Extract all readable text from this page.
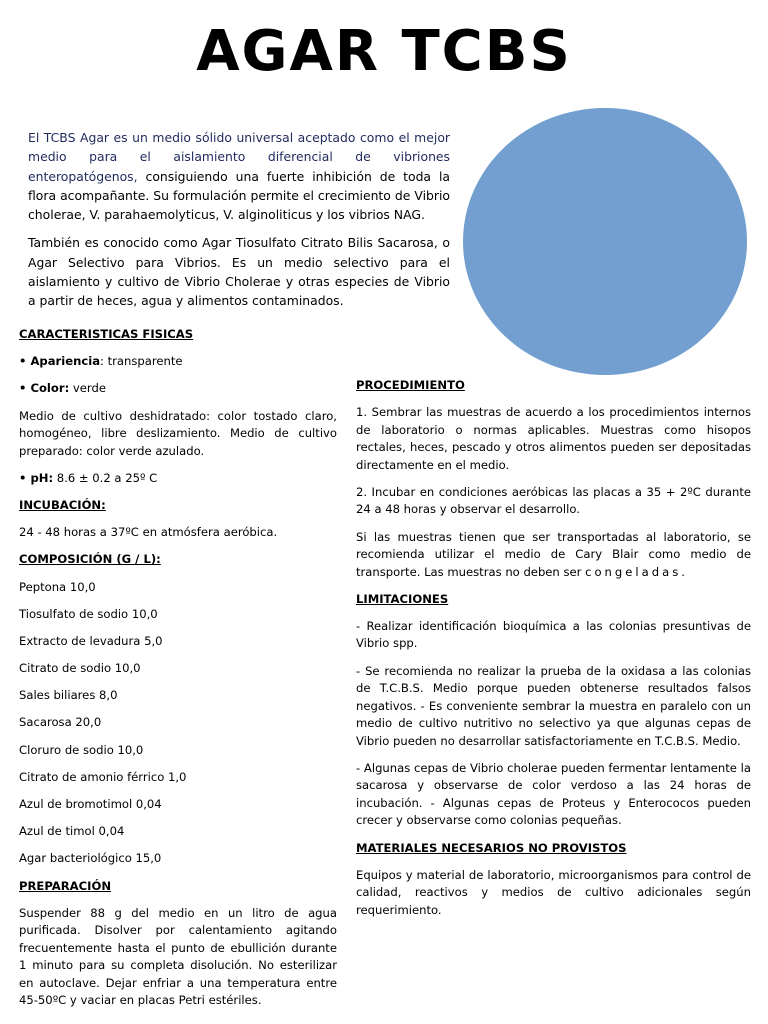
AGAR TCBS

El TCBS Agar es un medio sólido universal aceptado como el mejor medio para el aislamiento diferencial de vibriones enteropatógenos, consiguiendo una fuerte inhibición de toda la flora acompañante. Su formulación permite el crecimiento de Vibrio cholerae, V. parahaemolyticus, V. alginoliticus y los vibrios NAG.

También es conocido como Agar Tiosulfato Citrato Bilis Sacarosa, o Agar Selectivo para Vibrios. Es un medio selectivo para el aislamiento y cultivo de Vibrio Cholerae y otras especies de Vibrio a partir de heces, agua y alimentos contaminados.

CARACTERISTICAS FISICAS

• Apariencia: transparente

• Color: verde

Medio de cultivo deshidratado: color tostado claro, homogéneo, libre deslizamiento. Medio de cultivo preparado: color verde azulado.

• pH: 8.6 ± 0.2 a 25º C

INCUBACIÓN:

24 - 48 horas a 37ºC en atmósfera aeróbica.

COMPOSICIÓN (G / L):

Peptona 10,0

Tiosulfato de sodio 10,0

Extracto de levadura 5,0

Citrato de sodio 10,0

Sales biliares 8,0

Sacarosa 20,0

Cloruro de sodio 10,0

Citrato de amonio férrico 1,0

Azul de bromotimol 0,04

Azul de timol 0,04

Agar bacteriológico 15,0

PREPARACIÓN

Suspender 88 g del medio en un litro de agua purificada. Disolver por calentamiento agitando frecuentemente hasta el punto de ebullición durante 1 minuto para su completa disolución. No esterilizar en autoclave. Dejar enfriar a una temperatura entre 45-50ºC y vaciar en placas Petri estériles.

PROCEDIMIENTO

1. Sembrar las muestras de acuerdo a los procedimientos internos de laboratorio o normas aplicables. Muestras como hisopos rectales, heces, pescado y otros alimentos pueden ser depositadas directamente en el medio.

2. Incubar en condiciones aeróbicas las placas a 35 + 2ºC durante 24 a 48 horas y observar el desarrollo.

Si las muestras tienen que ser transportadas al laboratorio, se recomienda utilizar el medio de Cary Blair como medio de transporte. Las muestras no deben ser congeladas.

LIMITACIONES

- Realizar identificación bioquímica a las colonias presuntivas de Vibrio spp.

- Se recomienda no realizar la prueba de la oxidasa a las colonias de T.C.B.S. Medio porque pueden obtenerse resultados falsos negativos. - Es conveniente sembrar la muestra en paralelo con un medio de cultivo nutritivo no selectivo ya que algunas cepas de Vibrio pueden no desarrollar satisfactoriamente en T.C.B.S. Medio.

- Algunas cepas de Vibrio cholerae pueden fermentar lentamente la sacarosa y observarse de color verdoso a las 24 horas de incubación. - Algunas cepas de Proteus y Enterococos pueden crecer y observarse como colonias pequeñas.

MATERIALES NECESARIOS NO PROVISTOS

Equipos y material de laboratorio, microorganismos para control de calidad, reactivos y medios de cultivo adicionales según requerimiento.
